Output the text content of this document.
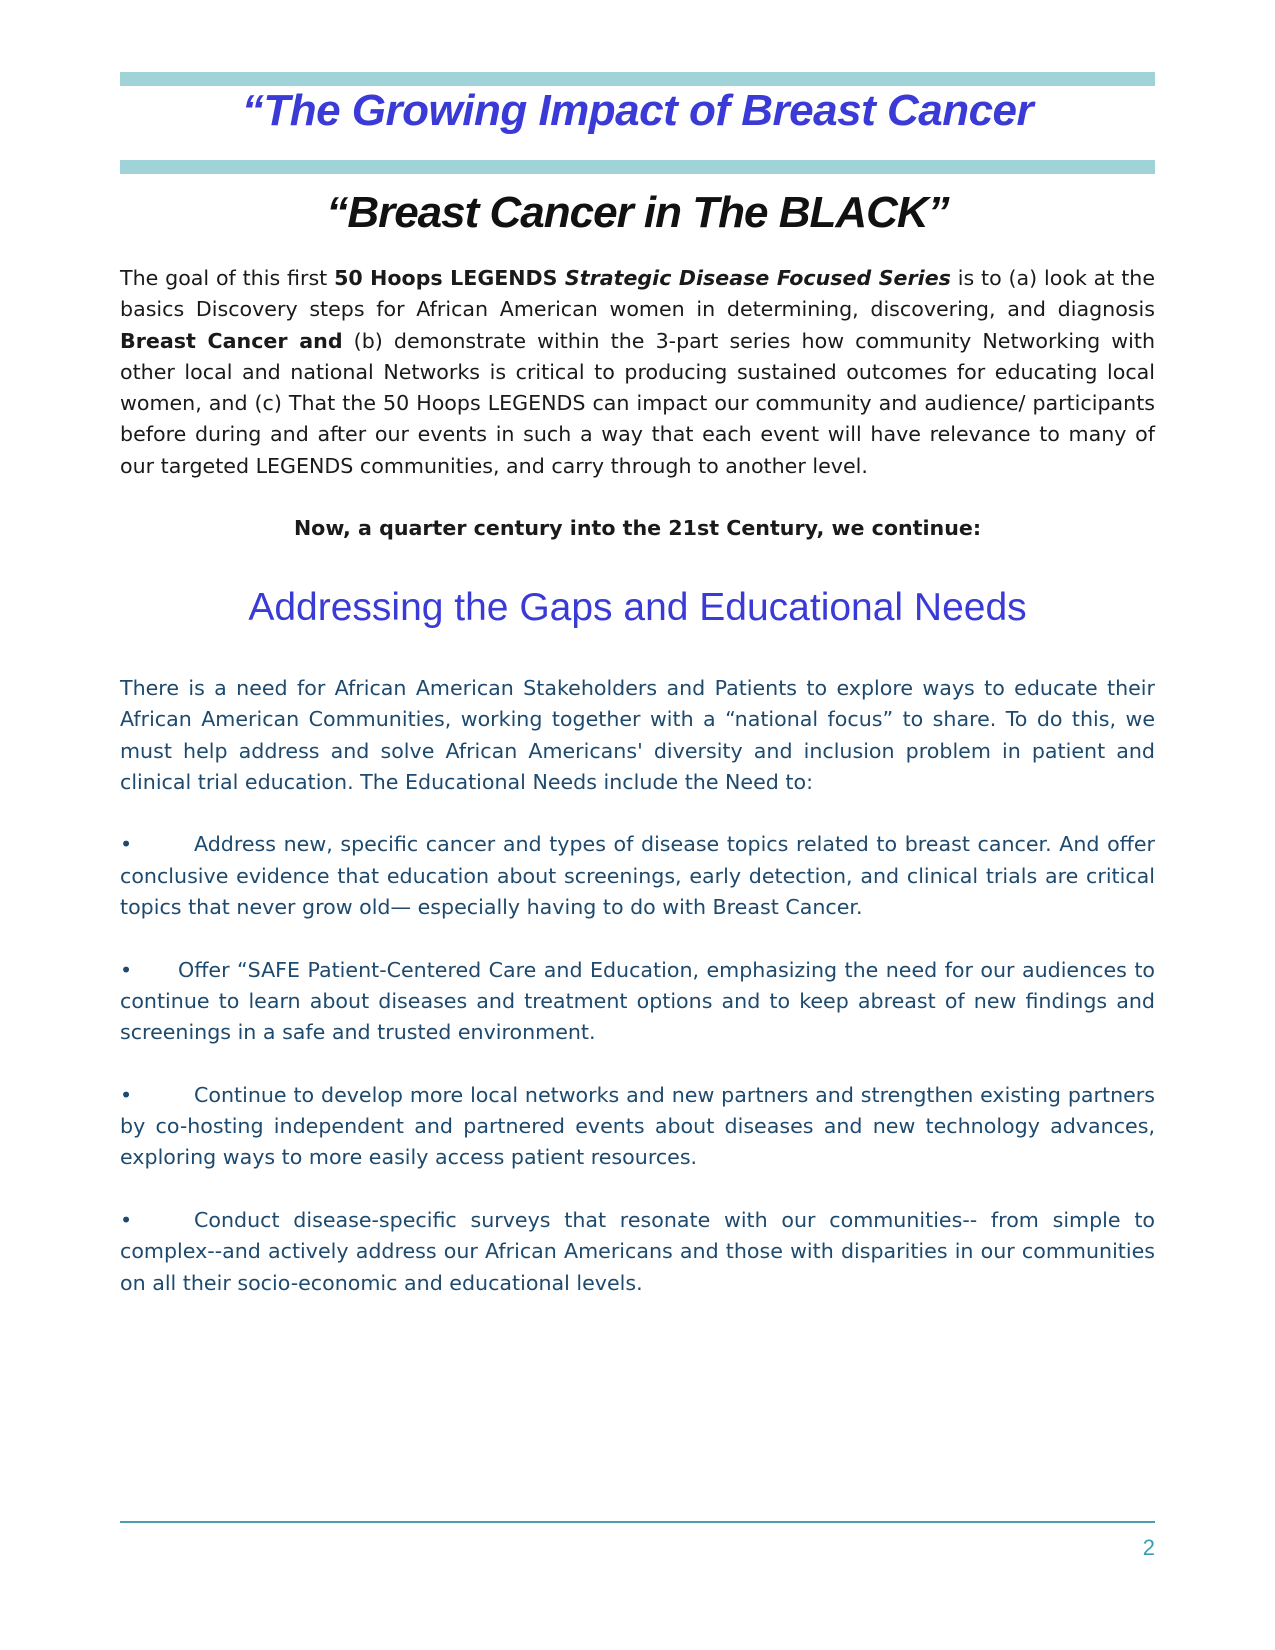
“The Growing Impact of Breast Cancer
“Breast Cancer in The BLACK”

The goal of this first 50 Hoops LEGENDS Strategic Disease Focused Series is to (a) look at the basics Discovery steps for African American women in determining, discovering, and diagnosis Breast Cancer and (b) demonstrate within the 3-part series how community Networking with other local and national Networks is critical to producing sustained outcomes for educating local women, and (c) That the 50 Hoops LEGENDS can impact our community and audience/ participants before during and after our events in such a way that each event will have relevance to many of our targeted LEGENDS communities, and carry through to another level.

Now, a quarter century into the 21st Century, we continue:
Addressing the Gaps and Educational Needs

There is a need for African American Stakeholders and Patients to explore ways to educate their African American Communities, working together with a “national focus” to share. To do this, we must help address and solve African Americans' diversity and inclusion problem in patient and clinical trial education. The Educational Needs include the Need to:

•	Address new, specific cancer and types of disease topics related to breast cancer. And offer conclusive evidence that education about screenings, early detection, and clinical trials are critical topics that never grow old— especially having to do with Breast Cancer.

• Offer “SAFE Patient-Centered Care and Education, emphasizing the need for our audiences to continue to learn about diseases and treatment options and to keep abreast of new findings and screenings in a safe and trusted environment.

•	Continue to develop more local networks and new partners and strengthen existing partners by co-hosting independent and partnered events about diseases and new technology advances, exploring ways to more easily access patient resources.

•	Conduct disease-specific surveys that resonate with our communities-- from simple to complex--and actively address our African Americans and those with disparities in our communities on all their socio-economic and educational levels.

2
